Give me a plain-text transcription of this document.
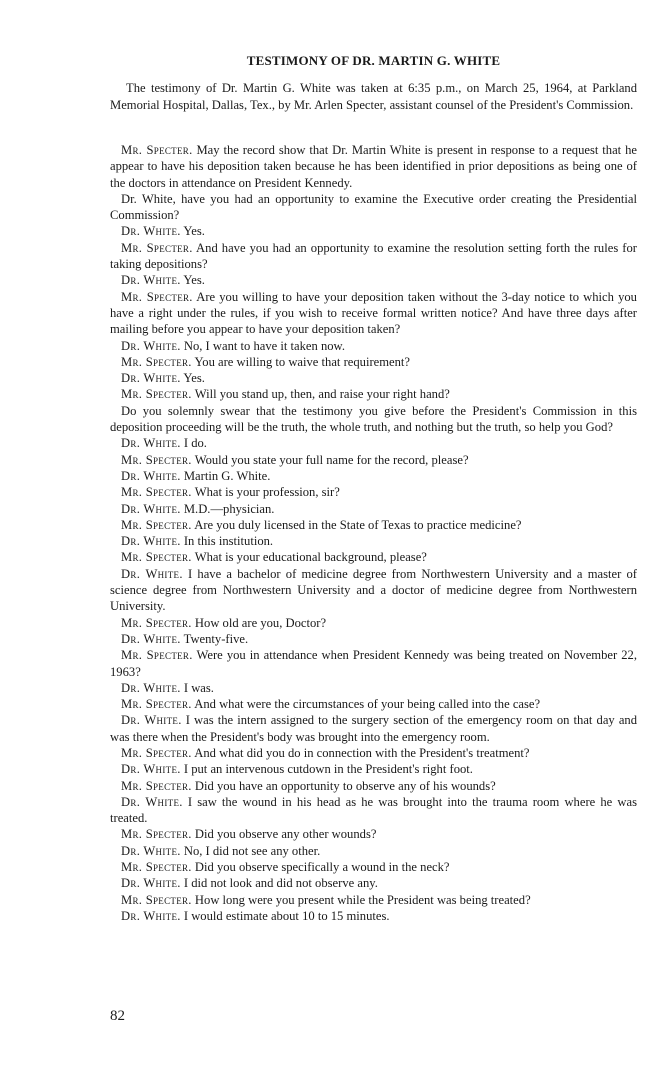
TESTIMONY OF DR. MARTIN G. WHITE

The testimony of Dr. Martin G. White was taken at 6:35 p.m., on March 25, 1964, at Parkland Memorial Hospital, Dallas, Tex., by Mr. Arlen Specter, assistant counsel of the President's Commission.

Mr. Specter. May the record show that Dr. Martin White is present in response to a request that he appear to have his deposition taken because he has been identified in prior depositions as being one of the doctors in attendance on President Kennedy.

Dr. White, have you had an opportunity to examine the Executive order creating the Presidential Commission?

Dr. White. Yes.

Mr. Specter. And have you had an opportunity to examine the resolution setting forth the rules for taking depositions?

Dr. White. Yes.

Mr. Specter. Are you willing to have your deposition taken without the 3-day notice to which you have a right under the rules, if you wish to receive formal written notice? And have three days after mailing before you appear to have your deposition taken?

Dr. White. No, I want to have it taken now.

Mr. Specter. You are willing to waive that requirement?

Dr. White. Yes.

Mr. Specter. Will you stand up, then, and raise your right hand?

Do you solemnly swear that the testimony you give before the President's Commission in this deposition proceeding will be the truth, the whole truth, and nothing but the truth, so help you God?

Dr. White. I do.

Mr. Specter. Would you state your full name for the record, please?

Dr. White. Martin G. White.

Mr. Specter. What is your profession, sir?

Dr. White. M.D.—physician.

Mr. Specter. Are you duly licensed in the State of Texas to practice medicine?

Dr. White. In this institution.

Mr. Specter. What is your educational background, please?

Dr. White. I have a bachelor of medicine degree from Northwestern University and a master of science degree from Northwestern University and a doctor of medicine degree from Northwestern University.

Mr. Specter. How old are you, Doctor?

Dr. White. Twenty-five.

Mr. Specter. Were you in attendance when President Kennedy was being treated on November 22, 1963?

Dr. White. I was.

Mr. Specter. And what were the circumstances of your being called into the case?

Dr. White. I was the intern assigned to the surgery section of the emergency room on that day and was there when the President's body was brought into the emergency room.

Mr. Specter. And what did you do in connection with the President's treatment?

Dr. White. I put an intervenous cutdown in the President's right foot.

Mr. Specter. Did you have an opportunity to observe any of his wounds?

Dr. White. I saw the wound in his head as he was brought into the trauma room where he was treated.

Mr. Specter. Did you observe any other wounds?

Dr. White. No, I did not see any other.

Mr. Specter. Did you observe specifically a wound in the neck?

Dr. White. I did not look and did not observe any.

Mr. Specter. How long were you present while the President was being treated?

Dr. White. I would estimate about 10 to 15 minutes.

82
